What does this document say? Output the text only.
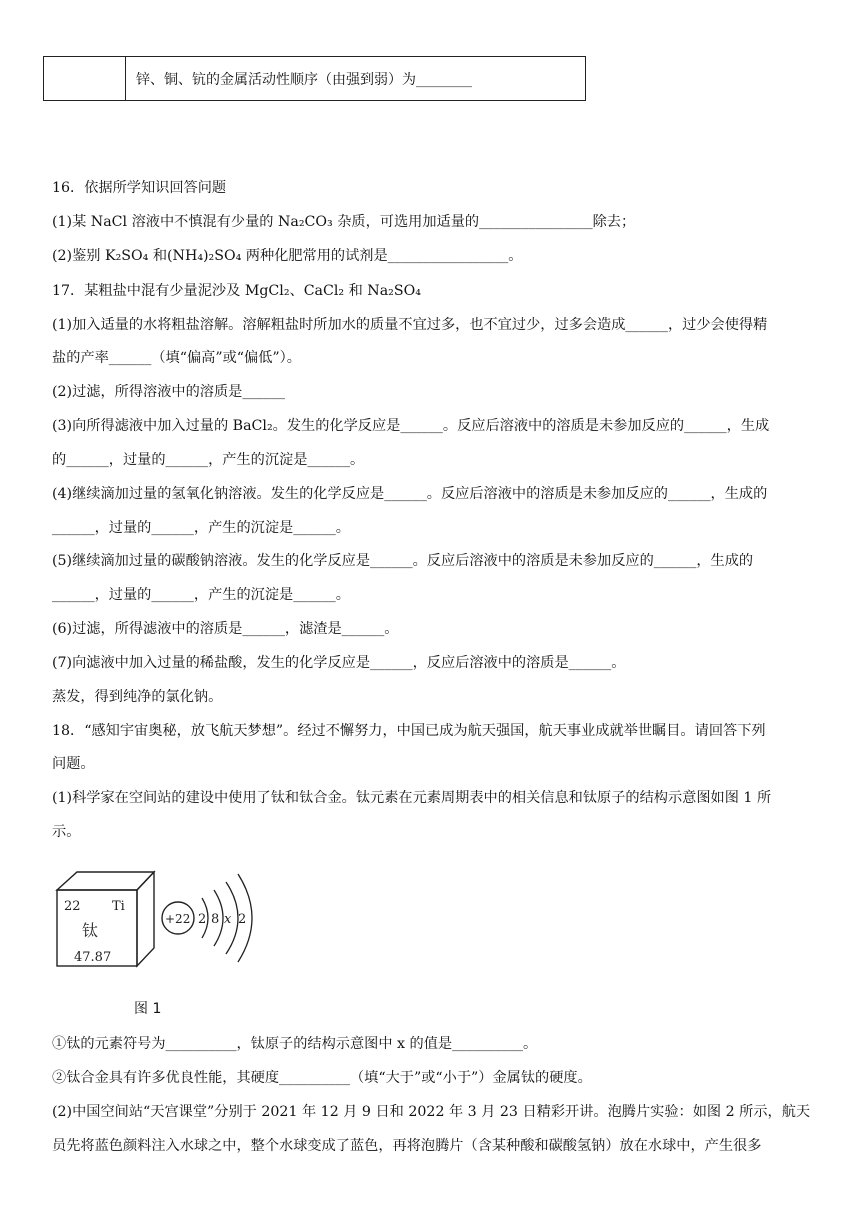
锌、铜、钪的金属活动性顺序（由强到弱）为________
16．依据所学知识回答问题
(1)某 NaCl 溶液中不慎混有少量的 Na₂CO₃ 杂质，可选用加适量的________________除去；
(2)鉴别 K₂SO₄ 和(NH₄)₂SO₄ 两种化肥常用的试剂是_________________。
17．某粗盐中混有少量泥沙及 MgCl₂、CaCl₂ 和 Na₂SO₄
(1)加入适量的水将粗盐溶解。溶解粗盐时所加水的质量不宜过多，也不宜过少，过多会造成______，过少会使得精
盐的产率______（填“偏高”或“偏低”）。
(2)过滤，所得溶液中的溶质是______
(3)向所得滤液中加入过量的 BaCl₂。发生的化学反应是______。反应后溶液中的溶质是未参加反应的______，生成
的______，过量的______，产生的沉淀是______。
(4)继续滴加过量的氢氧化钠溶液。发生的化学反应是______。反应后溶液中的溶质是未参加反应的______，生成的
______，过量的______，产生的沉淀是______。
(5)继续滴加过量的碳酸钠溶液。发生的化学反应是______。反应后溶液中的溶质是未参加反应的______，生成的
______，过量的______，产生的沉淀是______。
(6)过滤，所得滤液中的溶质是______，滤渣是______。
(7)向滤液中加入过量的稀盐酸，发生的化学反应是______，反应后溶液中的溶质是______。
蒸发，得到纯净的氯化钠。
18．“感知宇宙奥秘，放飞航天梦想”。经过不懈努力，中国已成为航天强国，航天事业成就举世瞩目。请回答下列
问题。
(1)科学家在空间站的建设中使用了钛和钛合金。钛元素在元素周期表中的相关信息和钛原子的结构示意图如图 1 所
示。
22 Ti
钛
47.87
+22 2 8 x 2
图 1
①钛的元素符号为__________，钛原子的结构示意图中 x 的值是__________。
②钛合金具有许多优良性能，其硬度__________（填“大于”或“小于”）金属钛的硬度。
(2)中国空间站“天宫课堂”分别于 2021 年 12 月 9 日和 2022 年 3 月 23 日精彩开讲。泡腾片实验：如图 2 所示，航天
员先将蓝色颜料注入水球之中，整个水球变成了蓝色，再将泡腾片（含某种酸和碳酸氢钠）放在水球中，产生很多
